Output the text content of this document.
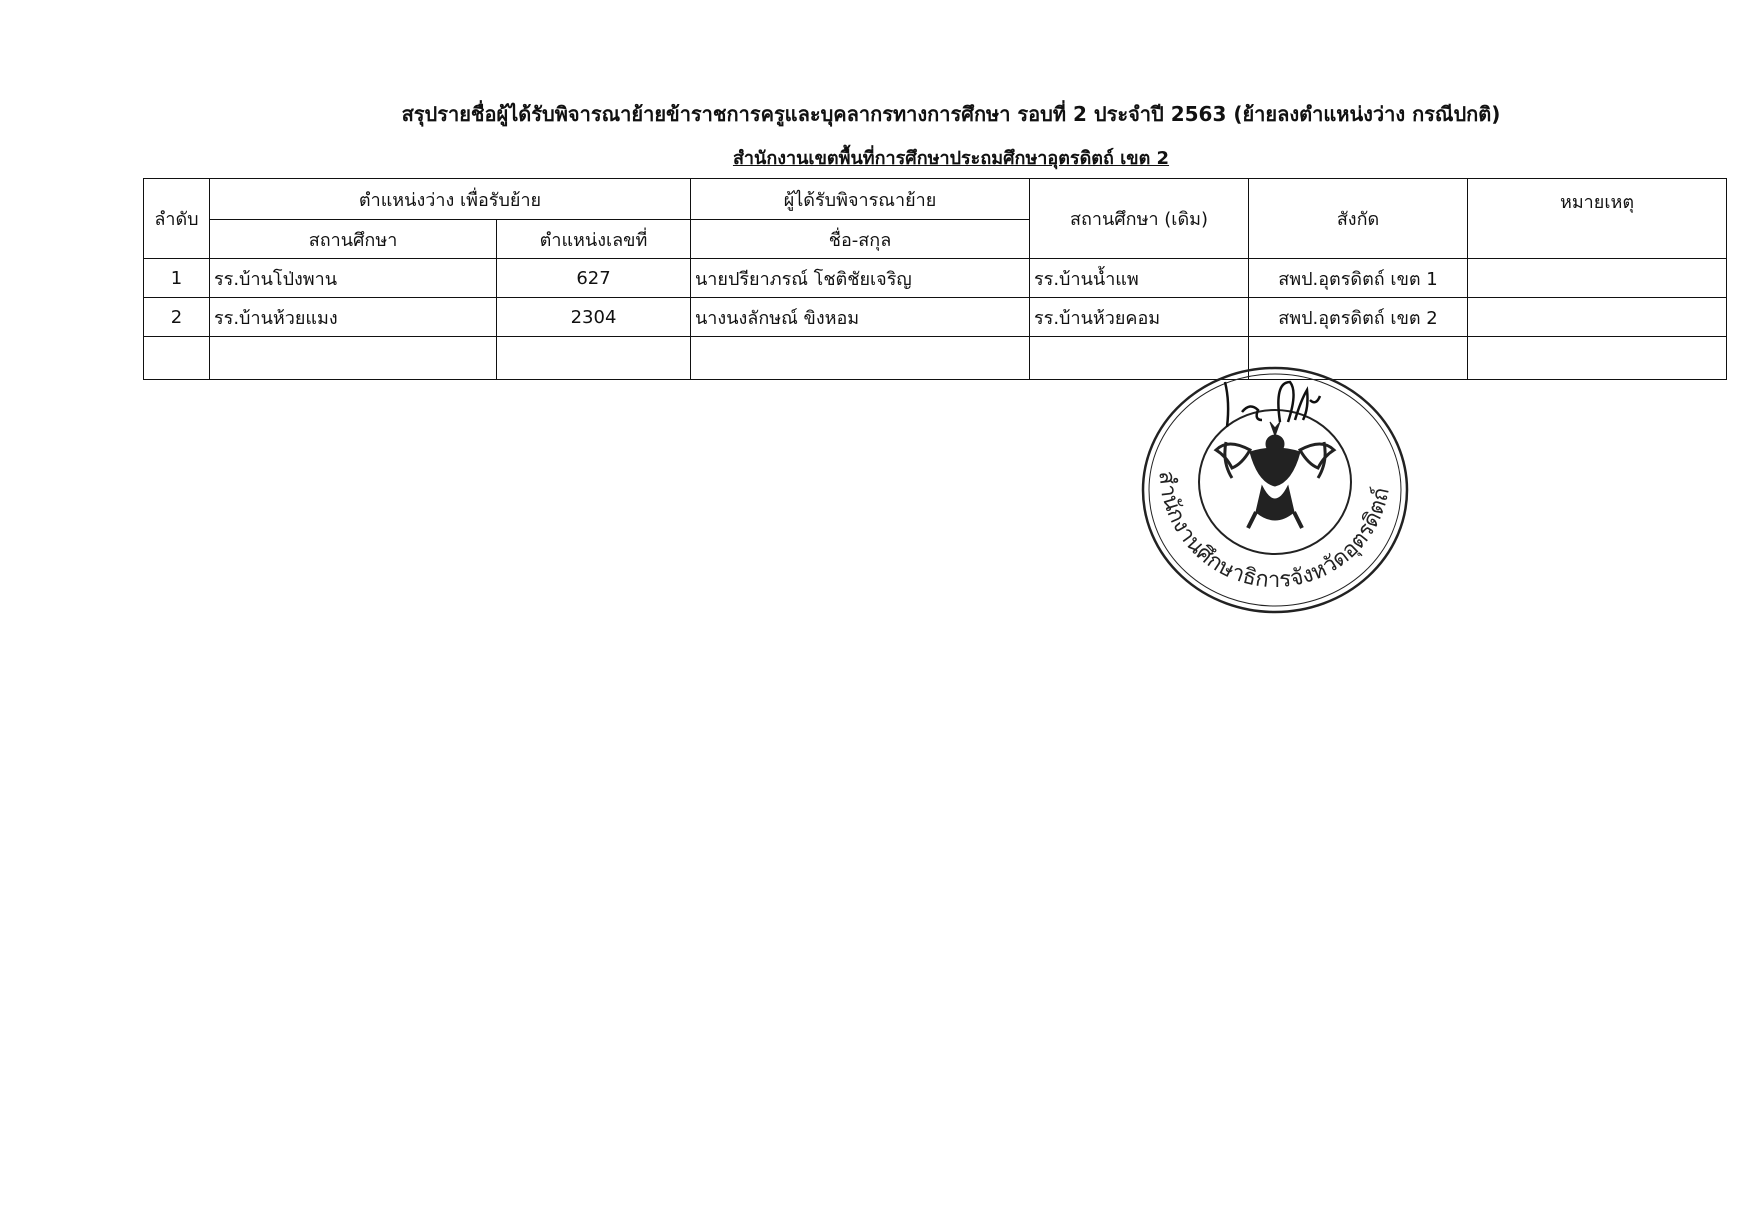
สรุปรายชื่อผู้ได้รับพิจารณาย้ายข้าราชการครูและบุคลากรทางการศึกษา รอบที่ 2 ประจำปี 2563 (ย้ายลงตำแหน่งว่าง กรณีปกติ)
สำนักงานเขตพื้นที่การศึกษาประถมศึกษาอุตรดิตถ์ เขต 2
ลำดับ	ตำแหน่งว่าง เพื่อรับย้าย		ผู้ได้รับพิจารณาย้าย	สถานศึกษา (เดิม)	สังกัด	หมายเหตุ
	สถานศึกษา	ตำแหน่งเลขที่	ชื่อ-สกุล			
1	รร.บ้านโป่งพาน	627	นายปรียาภรณ์ โชติชัยเจริญ	รร.บ้านน้ำแพ	สพป.อุตรดิตถ์ เขต 1	
2	รร.บ้านห้วยแมง	2304	นางนงลักษณ์ ขิงหอม	รร.บ้านห้วยคอม	สพป.อุตรดิตถ์ เขต 2	

สำนักงานศึกษาธิการจังหวัดอุตรดิตถ์
